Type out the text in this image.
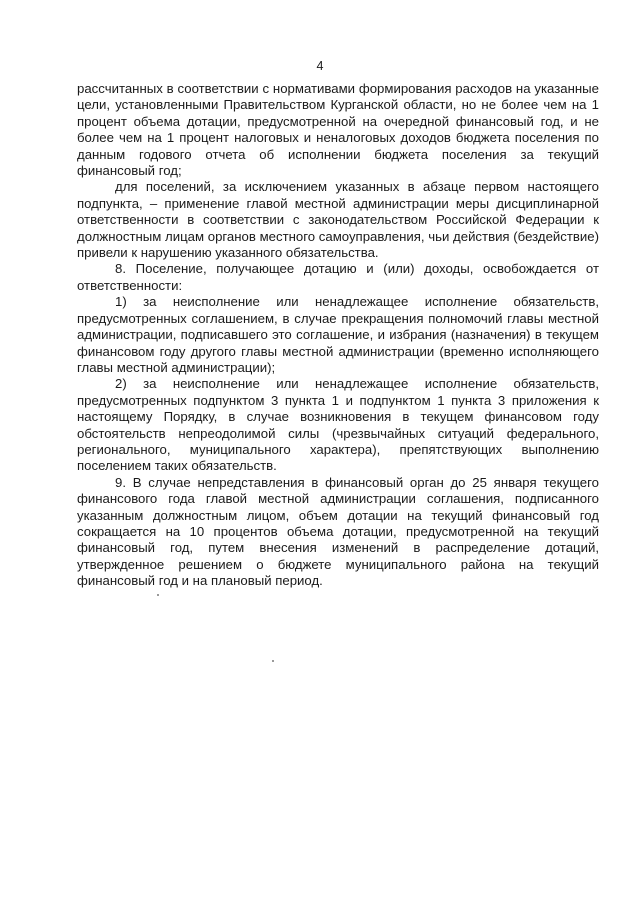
4

рассчитанных в соответствии с нормативами формирования расходов на указанные цели, установленными Правительством Курганской области, но не более чем на 1 процент объема дотации, предусмотренной на очередной финансовый год, и не более чем на 1 процент налоговых и неналоговых доходов бюджета поселения по данным годового отчета об исполнении бюджета поселения за текущий финансовый год;

для поселений, за исключением указанных в абзаце первом настоящего подпункта, – применение главой местной администрации меры дисциплинарной ответственности в соответствии с законодательством Российской Федерации к должностным лицам органов местного самоуправления, чьи действия (бездействие) привели к нарушению указанного обязательства.

8. Поселение, получающее дотацию и (или) доходы, освобождается от ответственности:

1) за неисполнение или ненадлежащее исполнение обязательств, предусмотренных соглашением, в случае прекращения полномочий главы местной администрации, подписавшего это соглашение, и избрания (назначения) в текущем финансовом году другого главы местной администрации (временно исполняющего главы местной администрации);

2) за неисполнение или ненадлежащее исполнение обязательств, предусмотренных подпунктом 3 пункта 1 и подпунктом 1 пункта 3 приложения к настоящему Порядку, в случае возникновения в текущем финансовом году обстоятельств непреодолимой силы (чрезвычайных ситуаций федерального, регионального, муниципального характера), препятствующих выполнению поселением таких обязательств.

9. В случае непредставления в финансовый орган до 25 января текущего финансового года главой местной администрации соглашения, подписанного указанным должностным лицом, объем дотации на текущий финансовый год сокращается на 10 процентов объема дотации, предусмотренной на текущий финансовый год, путем внесения изменений в распределение дотаций, утвержденное решением о бюджете муниципального района на текущий финансовый год и на плановый период.
